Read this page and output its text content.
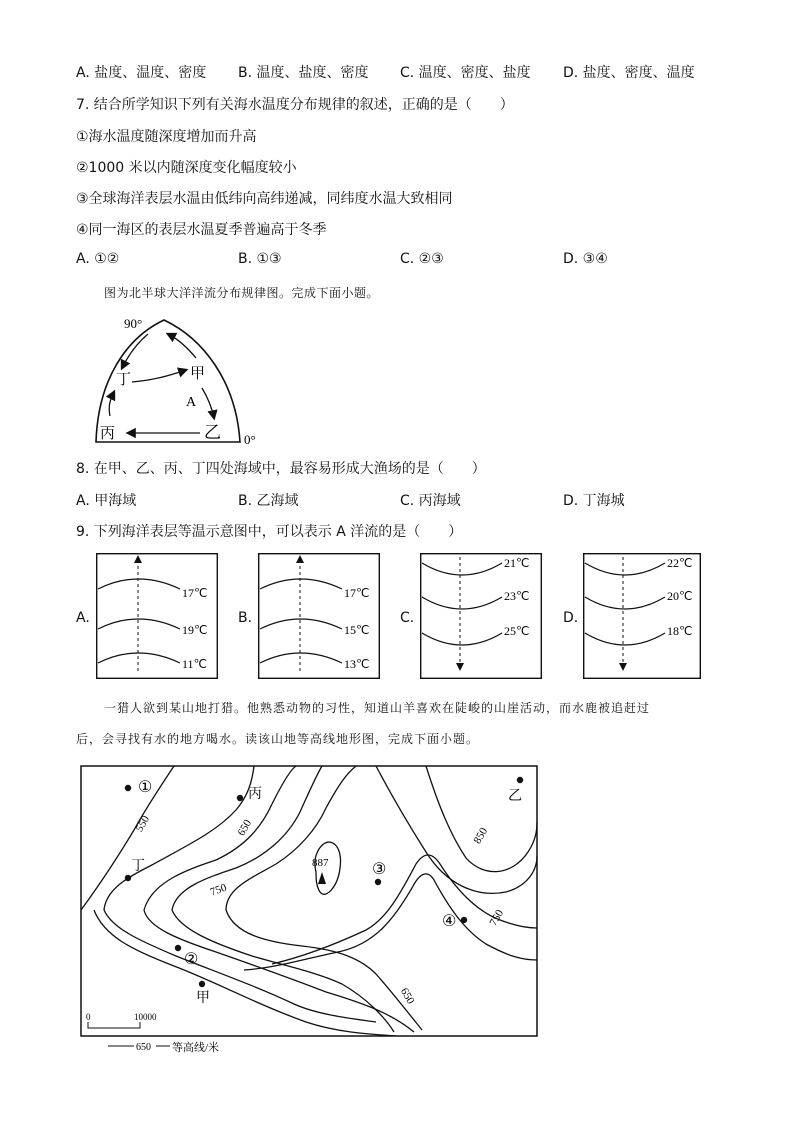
A. 盐度、温度、密度 B. 温度、盐度、密度 C. 温度、密度、盐度 D. 盐度、密度、温度
7. 结合所学知识下列有关海水温度分布规律的叙述，正确的是（　　）
①海水温度随深度增加而升高
②1000 米以内随深度变化幅度较小
③全球海洋表层水温由低纬向高纬递减，同纬度水温大致相同
④同一海区的表层水温夏季普遍高于冬季
A. ①②	B. ①③	C. ②③	D. ③④
图为北半球大洋洋流分布规律图。完成下面小题。
90°
0°
丁	甲
A
丙	乙
8. 在甲、乙、丙、丁四处海域中，最容易形成大渔场的是（　　）
A. 甲海域	B. 乙海域	C. 丙海域	D. 丁海城
9. 下列海洋表层等温示意图中，可以表示 A 洋流的是（　　）
A.
17℃
19℃
11℃
B.
17℃
15℃
13℃
C.
21℃
23℃
25℃
D.
22℃
20℃
18℃
一猎人欲到某山地打猎。他熟悉动物的习性，知道山羊喜欢在陡峻的山崖活动，而水鹿被追赶过
后，会寻找有水的地方喝水。读该山地等高线地形图，完成下面小题。
550	650
750
850
750
650
887
①	丙	乙
丁	③
④
②
甲
0	10000
650 等高线/米
